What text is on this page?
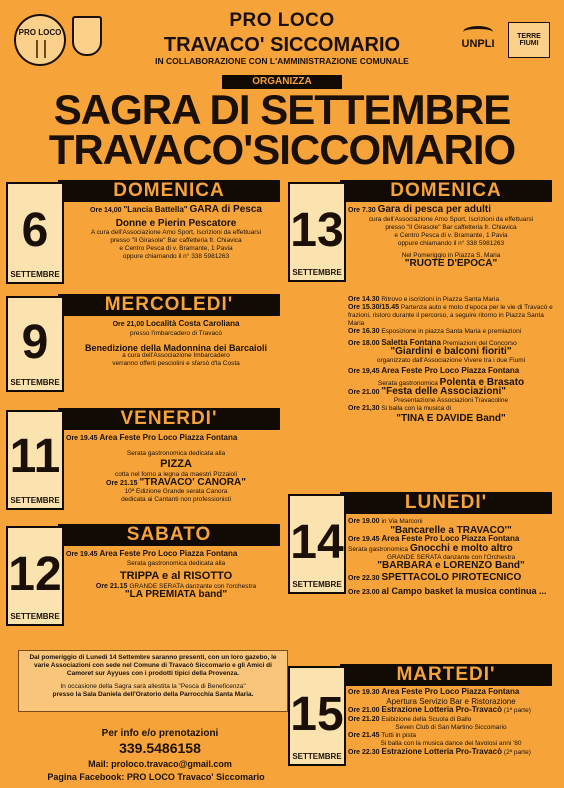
PRO LOCO
UNPLI
TERRE FIUMI
PRO LOCO
TRAVACO' SICCOMARIO
IN COLLABORAZIONE CON L'AMMINISTRAZIONE COMUNALE
ORGANIZZA
SAGRA DI SETTEMBRE
TRAVACO'SICCOMARIO
DOMENICA
6
SETTEMBRE
Ore 14,00 "Lancia Battella" GARA di Pesca
Donne e Pierin Pescatore
A cura dell'Associazione Amo Sport, Iscrizioni da effettuarsi
presso "Il Girasole" Bar caffetteria fr. Chiavica
e Centro Pesca di v. Bramante, 1 Pavia
oppure chiamando il n° 338 5981263
MERCOLEDI'
9
SETTEMBRE
Ore 21,00 Località Costa Caroliana
presso l'imbarcadero di Travacò
Benedizione della Madonnina dei Barcaioli
a cura dell'Associazione Imbarcadero
verranno offerti pesciolini e sfarsò d'la Costa
VENERDI'
11
SETTEMBRE
Ore 19.45 Area Feste Pro Loco Piazza Fontana
Serata gastronomica dedicata alla
PIZZA
cotta nel forno a legna da maestri Pizzaioli
Ore 21.15 "TRAVACO' CANORA"
10ª Edizione Grande serata Canora
dedicata ai Cantanti non professionisti
SABATO
12
SETTEMBRE
Ore 19.45 Area Feste Pro Loco Piazza Fontana
Serata gastronomica dedicata alla
TRIPPA e al RISOTTO
Ore 21.15 GRANDE SERATA danzante con l'orchestra
"LA PREMIATA band"
Dal pomeriggio di Lunedì 14 Settembre saranno presenti, con un loro gazebo, le varie Associazioni con sede nel Comune di Travacò Siccomario e gli Amici di Camoret sur Ayyues con i prodotti tipici della Provenza.
In occasione della Sagra sarà allestita la "Pesca di Beneficenza"
presso la Sala Daniela dell'Oratorio della Parrocchia Santa Maria.
Per info e/o prenotazioni
339.5486158
Mail: proloco.travaco@gmail.com
Pagina Facebook: PRO LOCO Travaco' Siccomario
DOMENICA
13
SETTEMBRE
Ore 7.30 Gara di pesca per adulti
cura dell'Associazione Amo Sport, Iscrizioni da effettuarsi
presso "Il Girasole" Bar caffetteria fr. Chiavica
e Centro Pesca di v. Bramante, 1 Pavia
oppure chiamando il n° 338 5981263
Nel Pomeriggio in Piazza S. Maria
"RUOTE D'EPOCA"
Ore 14.30 Ritrovo e iscrizioni in Piazza Santa Maria
Ore 15.30/15.45 Partenza auto e moto d'epoca per le vie di Travacò e frazioni, ristoro durante il percorso, a seguire ritorno in Piazza Santa Maria
Ore 16.30 Esposizione in piazza Santa Maria e premiazioni
Ore 18.00 Saletta Fontana Premiazioni del Concorso
"Giardini e balconi fioriti"
organizzato dall'Associazione Vivere tra i due Fiumi
Ore 19,45 Area Feste Pro Loco Piazza Fontana
Serata gastronomica Polenta e Brasato
Ore 21.00 "Festa delle Associazioni"
Presentazione Associazioni Travacoline
Ore 21,30 Si balla con la musica di
"TINA E DAVIDE Band"
LUNEDI'
14
SETTEMBRE
Ore 19.00 in Via Marconi
"Bancarelle a TRAVACO'"
Ore 19.45 Area Feste Pro Loco Piazza Fontana
Serata gastronomica Gnocchi e molto altro
GRANDE SERATA danzante con l'Orchestra
"BARBARA e LORENZO Band"
Ore 22.30 SPETTACOLO PIROTECNICO
Ore 23.00 al Campo basket la musica continua ...
MARTEDI'
15
SETTEMBRE
Ore 19.30 Area Feste Pro Loco Piazza Fontana
Apertura Servizio Bar e Ristorazione
Ore 21.00 Estrazione Lotteria Pro-Travacò (1ª parte)
Ore 21.20 Esibizione della Scuola di Ballo
Seven Club di San Martino Siccomario
Ore 21.45 Tutti in pista
Si balla con la musica dance dei favolosi anni '80
Ore 22.30 Estrazione Lotteria Pro-Travacò (2ª parte)
